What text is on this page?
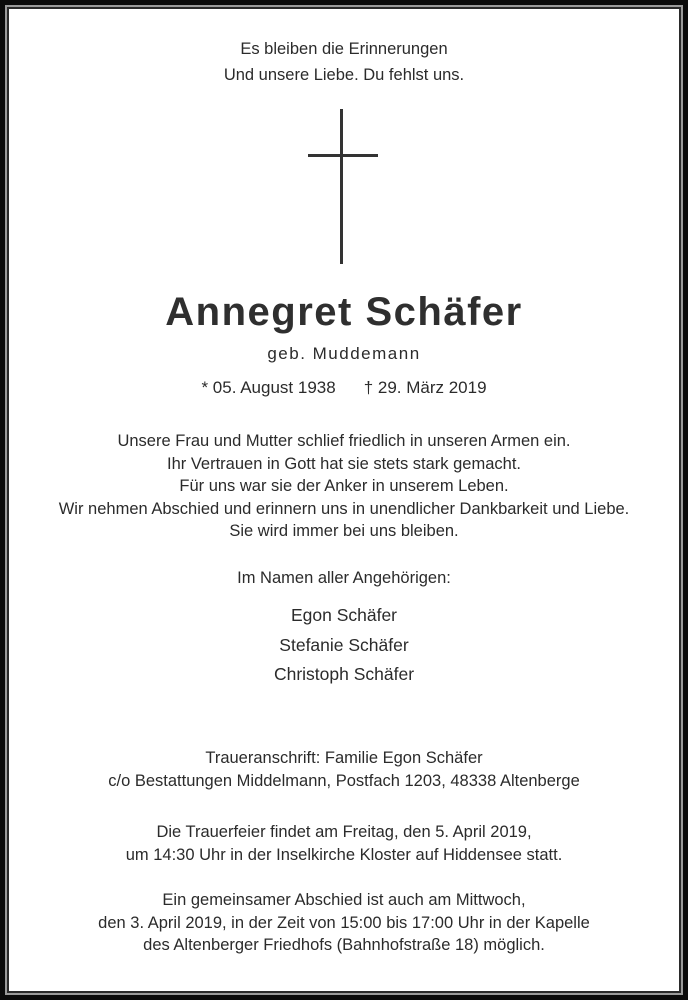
Es bleiben die Erinnerungen
Und unsere Liebe. Du fehlst uns.
Annegret Schäfer
geb. Muddemann
* 05. August 1938 † 29. März 2019
Unsere Frau und Mutter schlief friedlich in unseren Armen ein.
Ihr Vertrauen in Gott hat sie stets stark gemacht.
Für uns war sie der Anker in unserem Leben.
Wir nehmen Abschied und erinnern uns in unendlicher Dankbarkeit und Liebe.
Sie wird immer bei uns bleiben.
Im Namen aller Angehörigen:
Egon Schäfer
Stefanie Schäfer
Christoph Schäfer
Traueranschrift: Familie Egon Schäfer
c/o Bestattungen Middelmann, Postfach 1203, 48338 Altenberge
Die Trauerfeier findet am Freitag, den 5. April 2019,
um 14:30 Uhr in der Inselkirche Kloster auf Hiddensee statt.
Ein gemeinsamer Abschied ist auch am Mittwoch,
den 3. April 2019, in der Zeit von 15:00 bis 17:00 Uhr in der Kapelle
des Altenberger Friedhofs (Bahnhofstraße 18) möglich.
